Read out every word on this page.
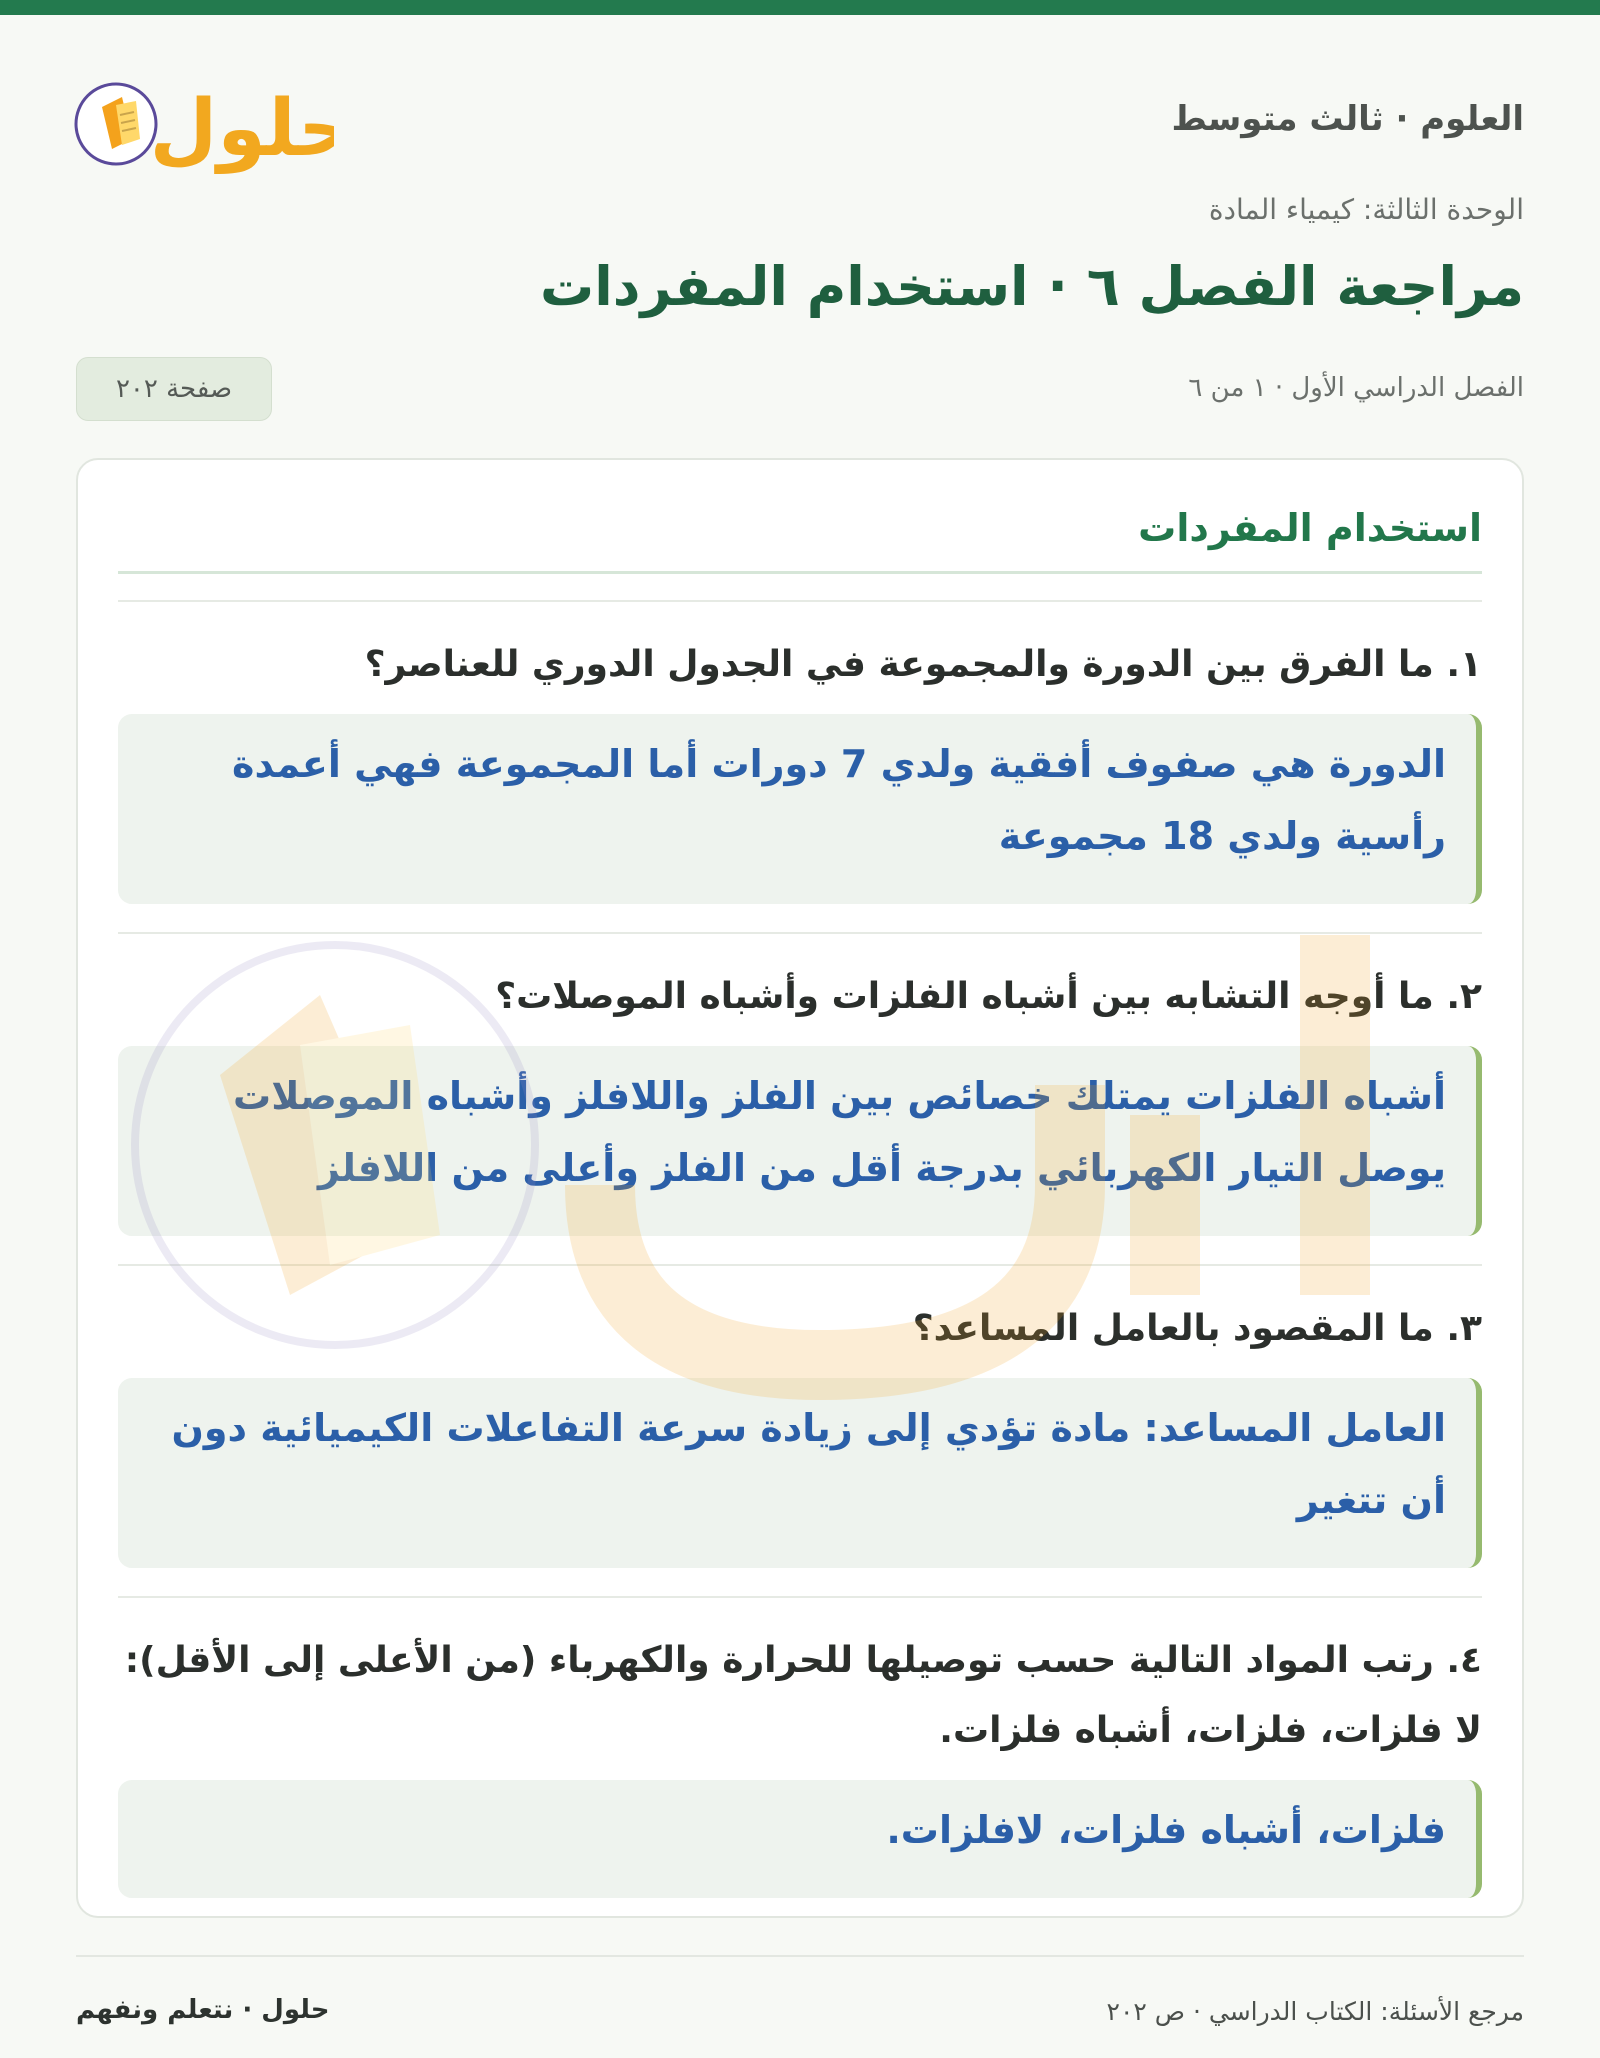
حلول	العلوم · ثالث متوسط
الوحدة الثالثة: كيمياء المادة
مراجعة الفصل ٦ · استخدام المفردات
الفصل الدراسي الأول · ١ من ٦
صفحة ٢٠٢
استخدام المفردات
١. ما الفرق بين الدورة والمجموعة في الجدول الدوري للعناصر؟
الدورة هي صفوف أفقية ولدي 7 دورات أما المجموعة فهي أعمدة رأسية ولدي 18 مجموعة
٢. ما أوجه التشابه بين أشباه الفلزات وأشباه الموصلات؟
أشباه الفلزات يمتلك خصائص بين الفلز واللافلز وأشباه الموصلات يوصل التيار الكهربائي بدرجة أقل من الفلز وأعلى من اللافلز
٣. ما المقصود بالعامل المساعد؟
العامل المساعد: مادة تؤدي إلى زيادة سرعة التفاعلات الكيميائية دون أن تتغير
٤. رتب المواد التالية حسب توصيلها للحرارة والكهرباء (من الأعلى إلى الأقل): لا فلزات، فلزات، أشباه فلزات.
فلزات، أشباه فلزات، لافلزات.
حلول · نتعلم ونفهم	مرجع الأسئلة: الكتاب الدراسي · ص ٢٠٢
